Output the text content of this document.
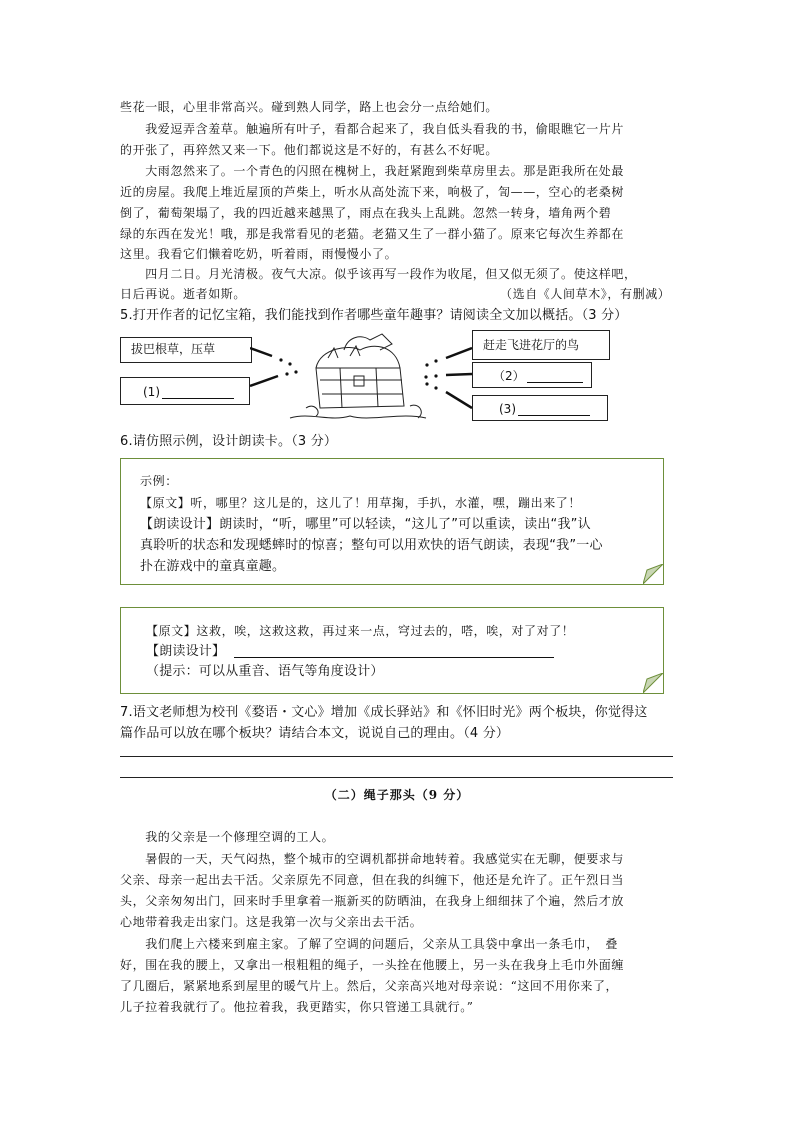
些花一眼，心里非常高兴。碰到熟人同学，路上也会分一点给她们。
　　我爱逗弄含羞草。触遍所有叶子，看都合起来了，我自低头看我的书，偷眼瞧它一片片
的开张了，再猝然又来一下。他们都说这是不好的，有甚么不好呢。
　　大雨忽然来了。一个青色的闪照在槐树上，我赶紧跑到柴草房里去。那是距我所在处最
近的房屋。我爬上堆近屋顶的芦柴上，听水从高处流下来，响极了，訇——，空心的老桑树
倒了，葡萄架塌了，我的四近越来越黑了，雨点在我头上乱跳。忽然一转身，墙角两个碧
绿的东西在发光！哦，那是我常看见的老猫。老猫又生了一群小猫了。原来它每次生养都在
这里。我看它们懒着吃奶，听着雨，雨慢慢小了。
　　四月二日。月光清极。夜气大凉。似乎该再写一段作为收尾，但又似无须了。使这样吧，
日后再说。逝者如斯。	（选自《人间草木》，有删减）
5.打开作者的记忆宝箱，我们能找到作者哪些童年趣事？请阅读全文加以概括。（3 分）
拔巴根草，压草
(1)
赶走飞进花厅的鸟
（2）
(3)
6.请仿照示例，设计朗读卡。（3 分）
示例：
【原文】听，哪里？这儿是的，这儿了！用草掬，手扒，水灌，嘿，蹦出来了！
【朗读设计】朗读时，“听，哪里”可以轻读，“这儿了”可以重读，读出“我”认
真聆听的状态和发现蟋蟀时的惊喜；整句可以用欢快的语气朗读，表现“我”一心
扑在游戏中的童真童趣。
【原文】这救，唉，这救这救，再过来一点，穹过去的，嗒，唉，对了对了！
【朗读设计】
（提示：可以从重音、语气等角度设计）
7.语文老师想为校刊《婺语・文心》增加《成长驿站》和《怀旧时光》两个板块，你觉得这
篇作品可以放在哪个板块？请结合本文，说说自己的理由。（4 分）
（二）绳子那头（9 分）
　　我的父亲是一个修理空调的工人。
　　暑假的一天，天气闷热，整个城市的空调机都拼命地转着。我感觉实在无聊，便要求与
父亲、母亲一起出去干活。父亲原先不同意，但在我的纠缠下，他还是允许了。正午烈日当
头，父亲匆匆出门，回来时手里拿着一瓶新买的防晒油，在我身上细细抹了个遍，然后才放
心地带着我走出家门。这是我第一次与父亲出去干活。
　　我们爬上六楼来到雇主家。了解了空调的问题后，父亲从工具袋中拿出一条毛巾，　叠
好，围在我的腰上，又拿出一根粗粗的绳子，一头拴在他腰上，另一头在我身上毛巾外面缠
了几圈后，紧紧地系到屋里的暖气片上。然后，父亲高兴地对母亲说：“这回不用你来了，
儿子拉着我就行了。他拉着我，我更踏实，你只管递工具就行。”
